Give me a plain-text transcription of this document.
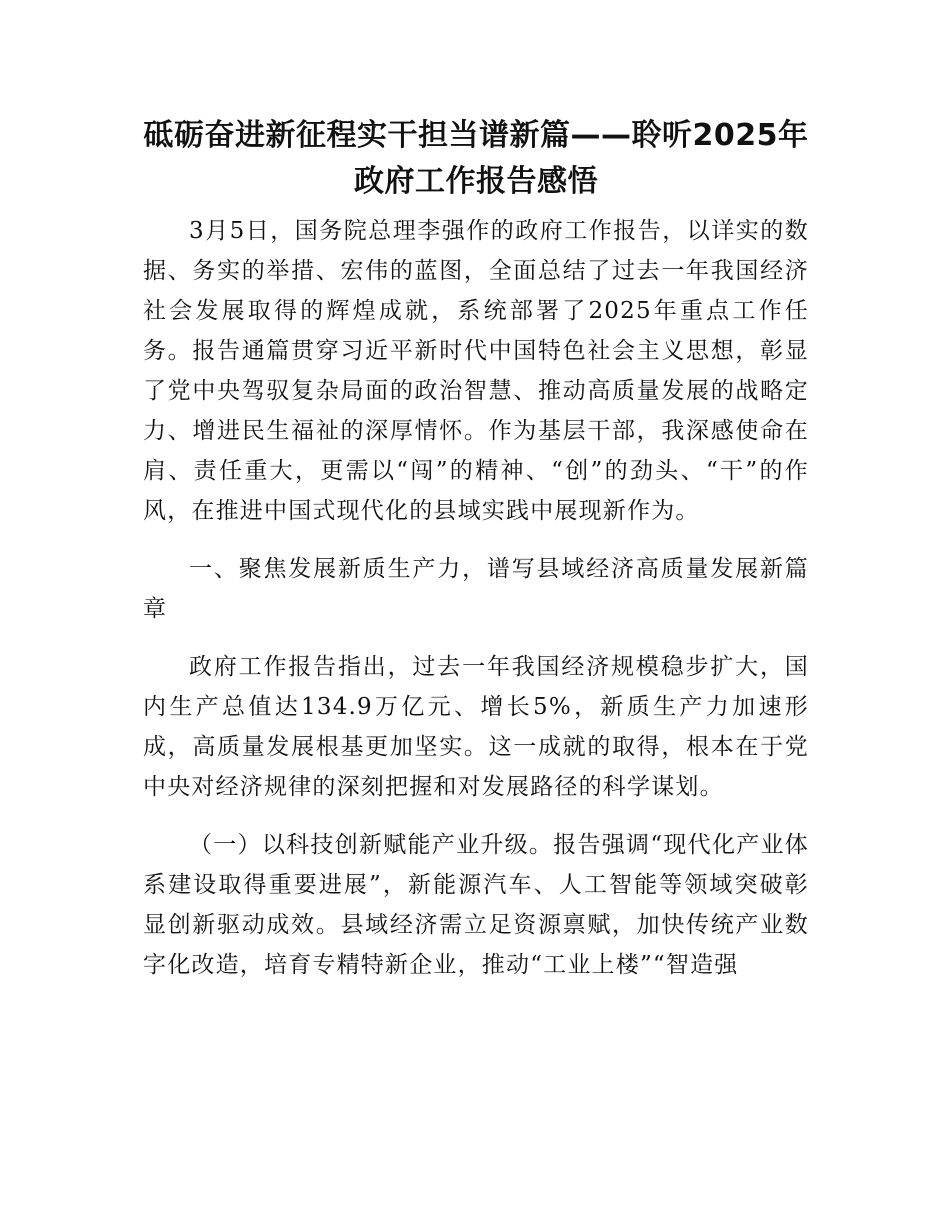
砥砺奋进新征程实干担当谱新篇——聆听2025年政府工作报告感悟

3月5日，国务院总理李强作的政府工作报告，以详实的数据、务实的举措、宏伟的蓝图，全面总结了过去一年我国经济社会发展取得的辉煌成就，系统部署了2025年重点工作任务。报告通篇贯穿习近平新时代中国特色社会主义思想，彰显了党中央驾驭复杂局面的政治智慧、推动高质量发展的战略定力、增进民生福祉的深厚情怀。作为基层干部，我深感使命在肩、责任重大，更需以“闯”的精神、“创”的劲头、“干”的作风，在推进中国式现代化的县域实践中展现新作为。

一、聚焦发展新质生产力，谱写县域经济高质量发展新篇章

政府工作报告指出，过去一年我国经济规模稳步扩大，国内生产总值达134.9万亿元、增长5%，新质生产力加速形成，高质量发展根基更加坚实。这一成就的取得，根本在于党中央对经济规律的深刻把握和对发展路径的科学谋划。

（一）以科技创新赋能产业升级。报告强调“现代化产业体系建设取得重要进展”，新能源汽车、人工智能等领域突破彰显创新驱动成效。县域经济需立足资源禀赋，加快传统产业数字化改造，培育专精特新企业，推动“工业上楼”“智造强
